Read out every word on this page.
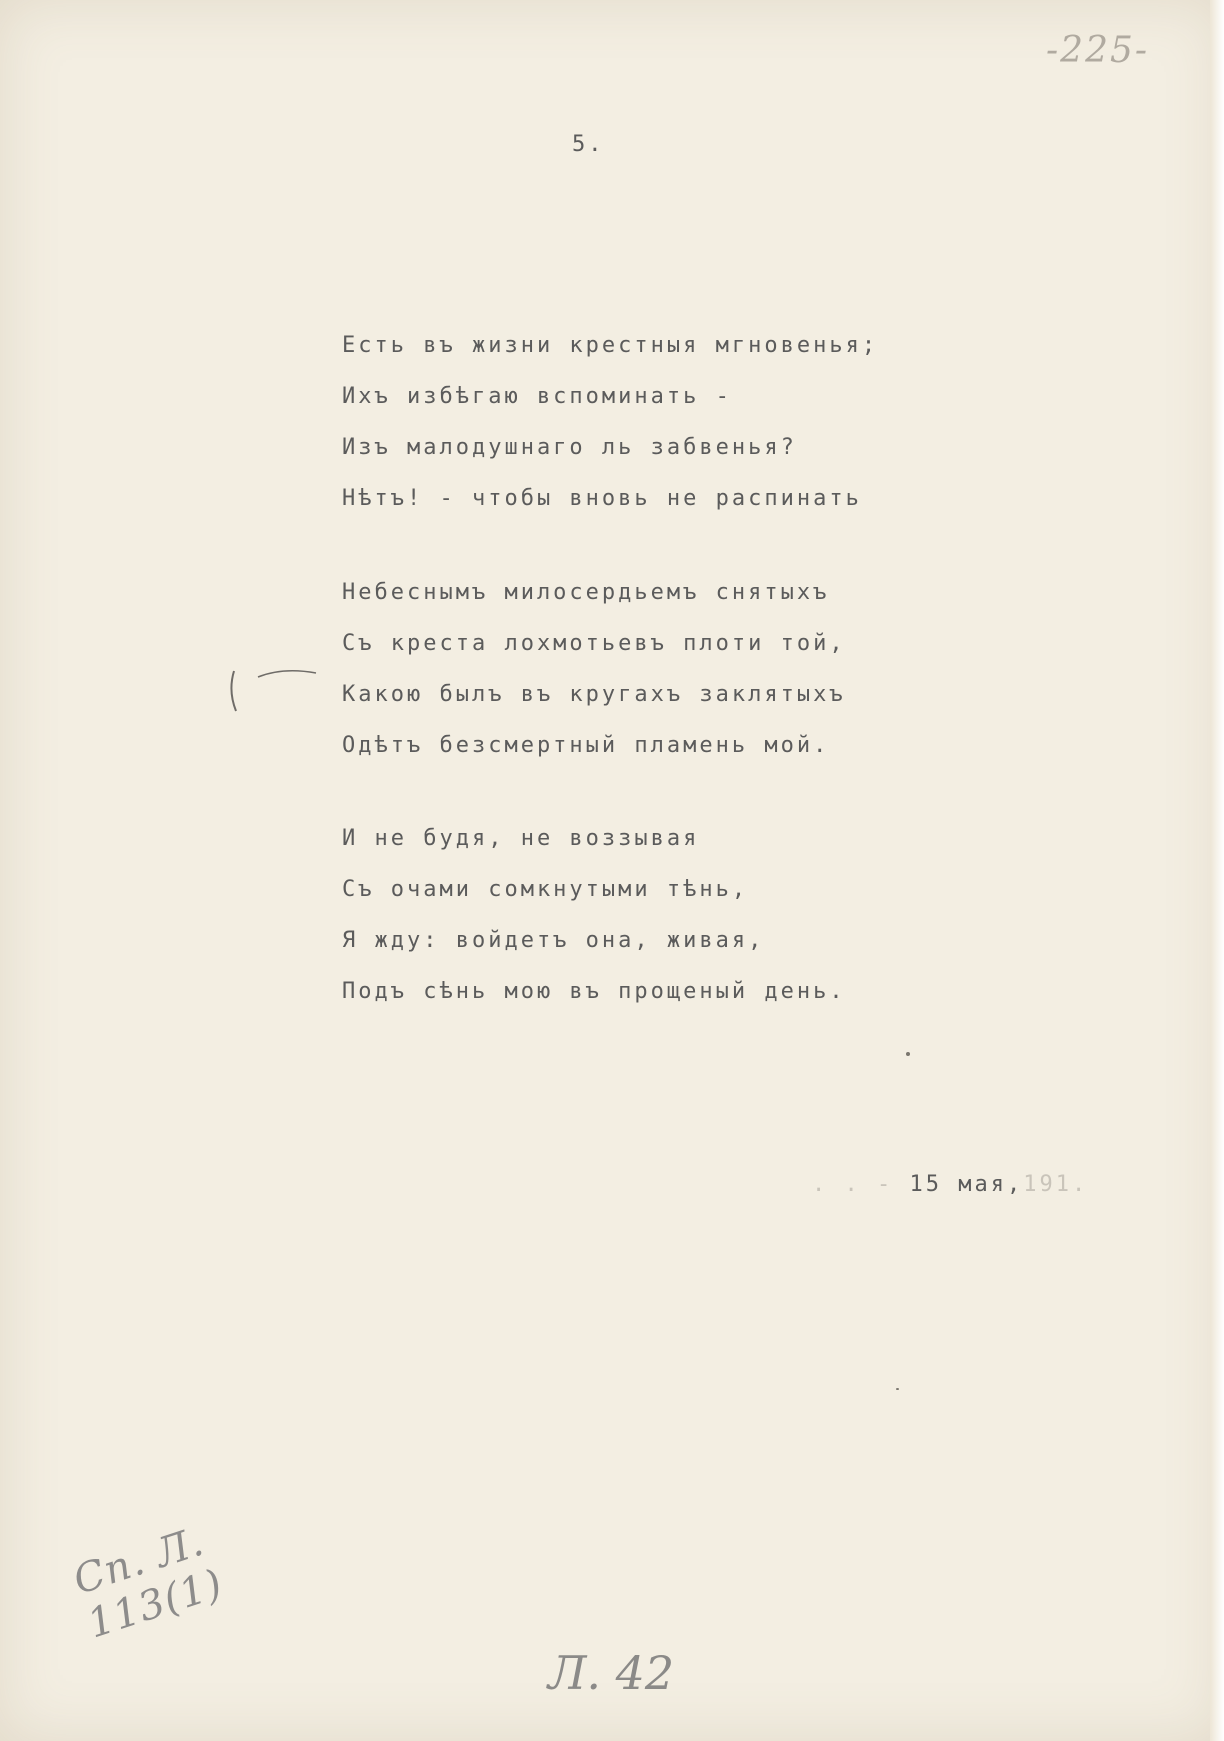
-225-
5.
Есть въ жизни крестныя мгновенья;
Ихъ избѣгаю вспоминать -
Изъ малодушнаго ль забвенья?
Нѣтъ! - чтобы вновь не распинать
Небеснымъ милосердьемъ снятыхъ
Съ креста лохмотьевъ плоти той,
Какою былъ въ кругахъ заклятыхъ
Одѣтъ безсмертный пламень мой.
И не будя, не воззывая
Съ очами сомкнутыми тѣнь,
Я жду: войдетъ она, живая,
Подъ сѣнь мою въ прощеный день.
. . - 15 мая,191.
Сп. Л. 113(1)
Л. 42
